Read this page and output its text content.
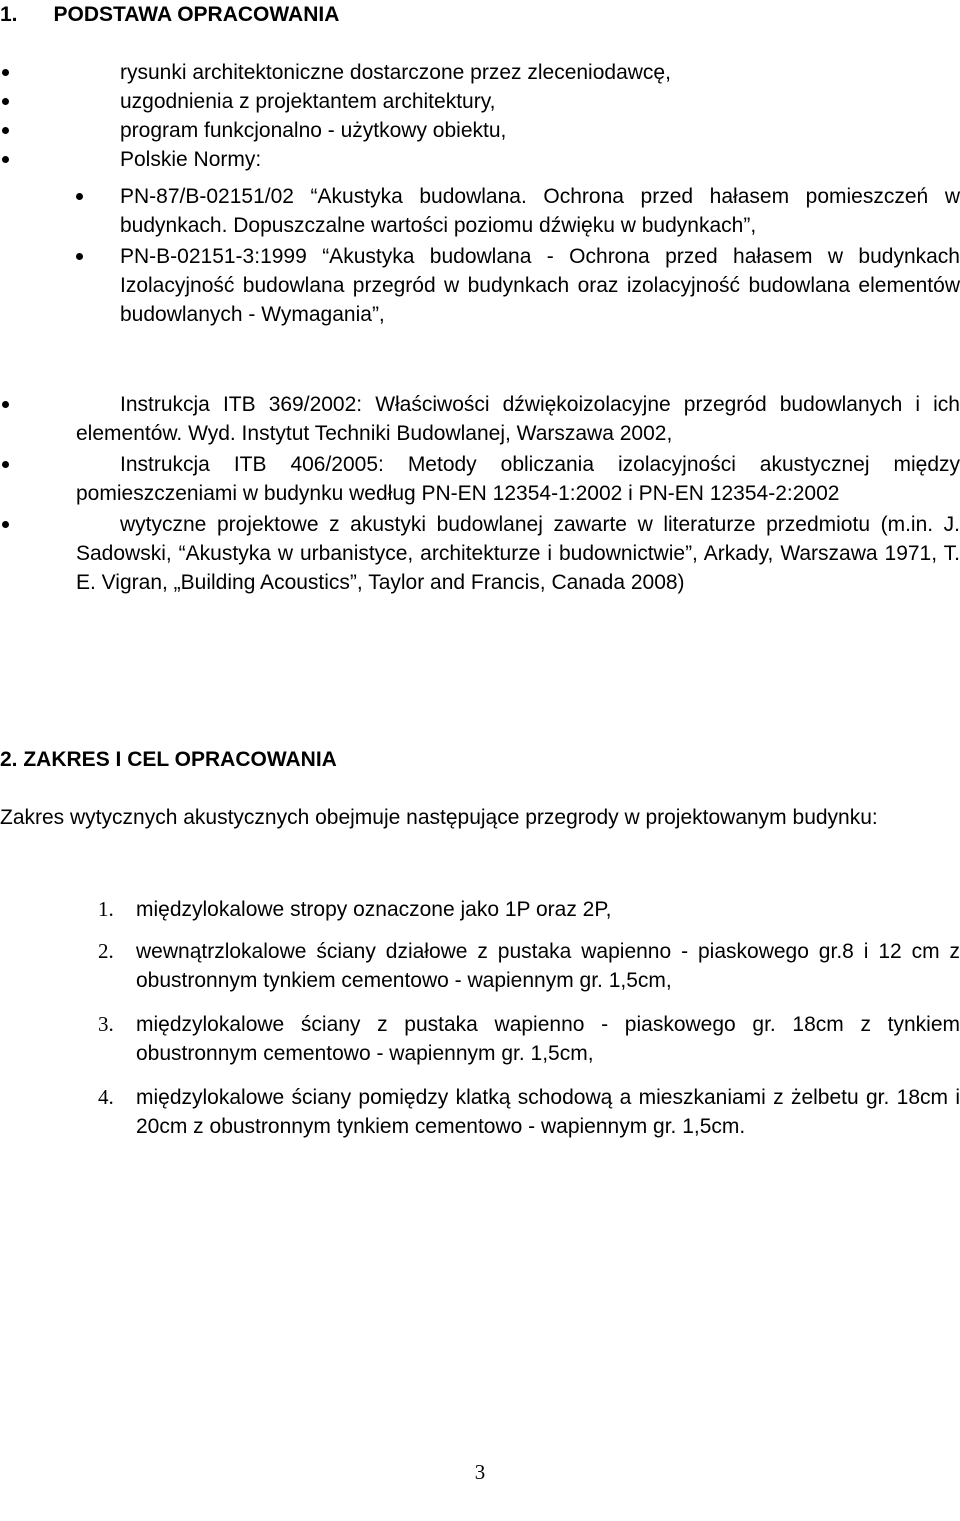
1. PODSTAWA OPRACOWANIA
rysunki architektoniczne dostarczone przez zleceniodawcę,
uzgodnienia z projektantem architektury,
program funkcjonalno - użytkowy obiektu,
Polskie Normy:
PN-87/B-02151/02 “Akustyka budowlana. Ochrona przed hałasem pomieszczeń w budynkach. Dopuszczalne wartości poziomu dźwięku w budynkach”,
PN-B-02151-3:1999 “Akustyka budowlana - Ochrona przed hałasem w budynkach Izolacyjność budowlana przegród w budynkach oraz izolacyjność budowlana elementów budowlanych - Wymagania”,
Instrukcja ITB 369/2002: Właściwości dźwiękoizolacyjne przegród budowlanych i ich elementów. Wyd. Instytut Techniki Budowlanej, Warszawa 2002,
Instrukcja ITB 406/2005: Metody obliczania izolacyjności akustycznej między pomieszczeniami w budynku według PN-EN 12354-1:2002 i PN-EN 12354-2:2002
wytyczne projektowe z akustyki budowlanej zawarte w literaturze przedmiotu (m.in. J. Sadowski, “Akustyka w urbanistyce, architekturze i budownictwie”, Arkady, Warszawa 1971, T. E. Vigran, „Building Acoustics”, Taylor and Francis, Canada 2008)
2. ZAKRES I CEL OPRACOWANIA
Zakres wytycznych akustycznych obejmuje następujące przegrody w projektowanym budynku:
1. międzylokalowe stropy oznaczone jako 1P oraz 2P,
2. wewnątrzlokalowe ściany działowe z pustaka wapienno - piaskowego gr.8 i 12 cm z obustronnym tynkiem cementowo - wapiennym gr. 1,5cm,
3. międzylokalowe ściany z pustaka wapienno - piaskowego gr. 18cm z tynkiem obustronnym cementowo - wapiennym gr. 1,5cm,
4. międzylokalowe ściany pomiędzy klatką schodową a mieszkaniami z żelbetu gr. 18cm i 20cm z obustronnym tynkiem cementowo - wapiennym gr. 1,5cm.
3
